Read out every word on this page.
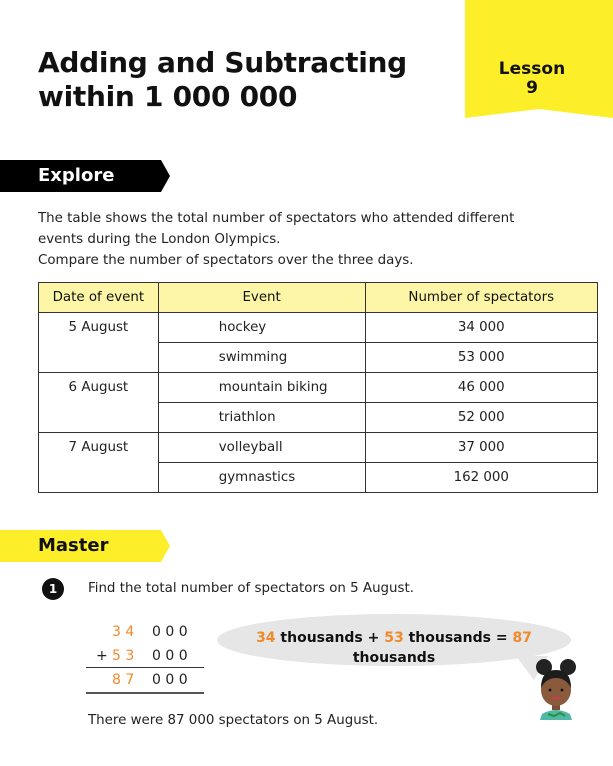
Adding and Subtracting
within 1 000 000
Lesson
9
Explore

The table shows the total number of spectators who attended different events during the London Olympics.

Compare the number of spectators over the three days.

Date of event	Event	Number of spectators
5 August	hockey	34 000
	swimming	53 000
6 August	mountain biking	46 000
	triathlon	52 000
7 August	volleyball	37 000
	gymnastics	162 000
Master
1	Find the total number of spectators on 5 August.
3 4 0 0 0
+ 5 3 0 0 0
8 7 0 0 0
34 thousands + 53 thousands = 87 thousands
There were 87 000 spectators on 5 August.
